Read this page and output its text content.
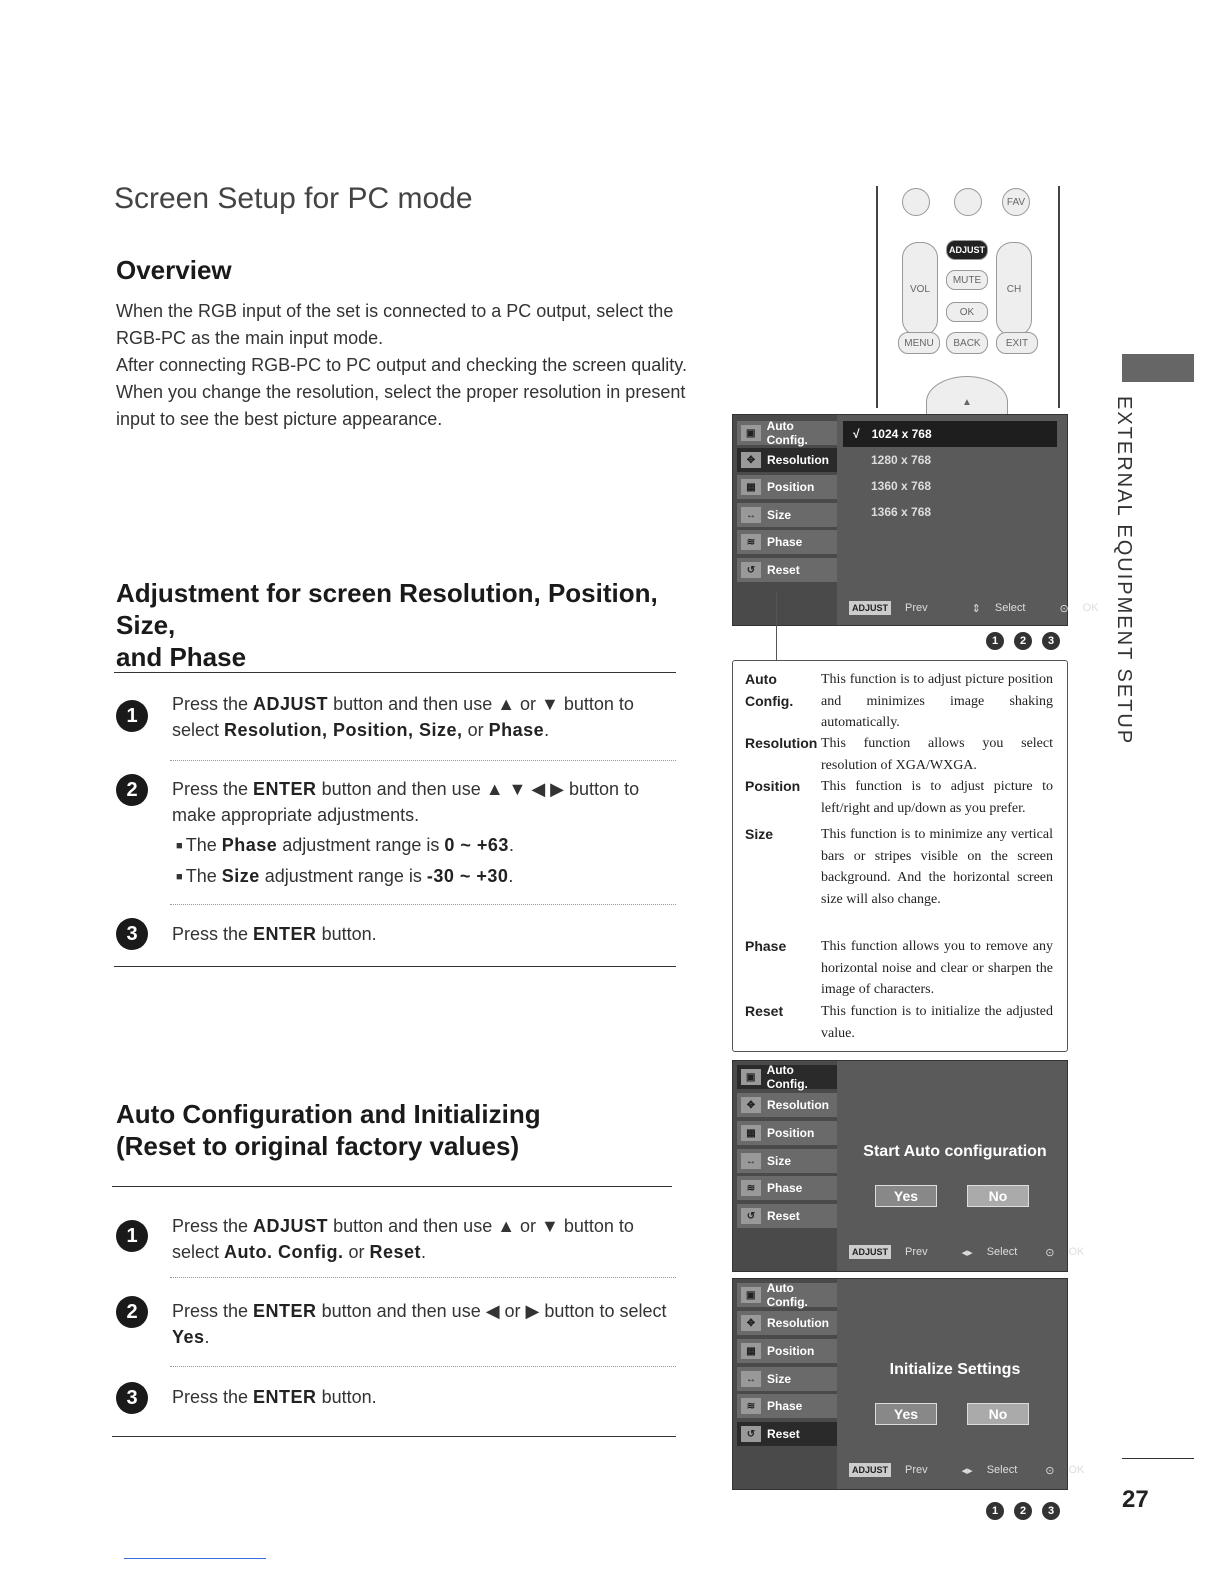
Screen Setup for PC mode
Overview
When the RGB input of the set is connected to a PC output, select the RGB-PC as the main input mode.
After connecting RGB-PC to PC output and checking the screen quality.
When you change the resolution, select the proper resolution in present input to see the best picture appearance.
Adjustment for screen Resolution, Position, Size,
and Phase
1
Press the ADJUST button and then use ▲ or ▼ button to select Resolution, Position, Size, or Phase.
2	Press the ENTER button and then use ▲ ▼ ◀ ▶ button to make appropriate adjustments.
■ The Phase adjustment range is 0 ~ +63.
■ The Size adjustment range is -30 ~ +30.
3	Press the ENTER button.
Auto Configuration and Initializing
(Reset to original factory values)
1	Press the ADJUST button and then use ▲ or ▼ button to select Auto. Config. or Reset.
2	Press the ENTER button and then use ◀ or ▶ button to select Yes.
3	Press the ENTER button.
FAV
VOL	CH
ADJUST
MUTE
OK
MENU	BACK	EXIT
▲
▣ Auto Config.
✥ Resolution
▦ Position
↔ Size
≋ Phase
↺ Reset
√ 1024 x 768
1280 x 768
1360 x 768
1366 x 768
ADJUST Prev	⇕ Select	⊙ OK
1	2	3
Auto Config.
This function is to adjust picture position and minimizes image shaking automatically.
Resolution This function allows you select resolution of XGA/WXGA.
Position This function is to adjust picture to left/right and up/down as you prefer.
Size	This function is to minimize any vertical bars or stripes visible on the screen background. And the horizontal screen size will also change.
Phase This function allows you to remove any horizontal noise and clear or sharpen the image of characters.
Reset	This function is to initialize the adjusted value.
▣ Auto Config.
✥ Resolution
▦ Position
↔ Size
≋ Phase
↺ Reset
Start Auto configuration
Yes	No
ADJUST Prev	◂▸ Select	⊙ OK
▣ Auto Config.
✥ Resolution
▦ Position
↔ Size
≋ Phase
↺ Reset
Initialize Settings
Yes	No
ADJUST Prev	◂▸ Select	⊙ OK
1	2	3
EXTERNAL EQUIPMENT SETUP
27
